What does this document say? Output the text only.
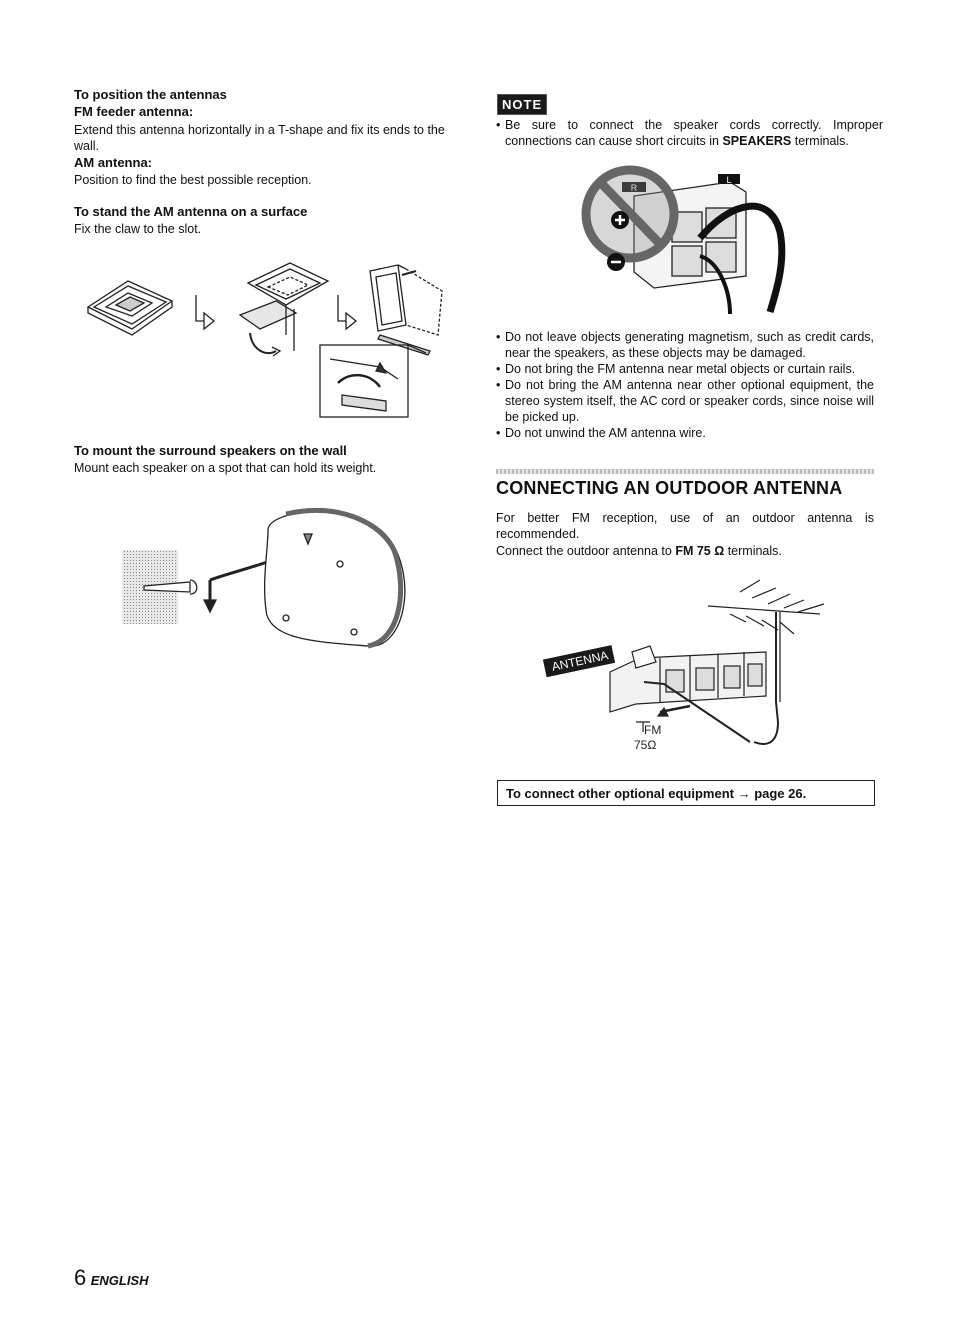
To position the antennas
FM feeder antenna:
Extend this antenna horizontally in a T-shape and fix its ends to the wall.
AM antenna:
Position to find the best possible reception.
To stand the AM antenna on a surface
Fix the claw to the slot.
To mount the surround speakers on the wall
Mount each speaker on a spot that can hold its weight.
NOTE
• Be sure to connect the speaker cords correctly. Improper connections can cause short circuits in SPEAKERS terminals.
L
• Do not leave objects generating magnetism, such as credit cards, near the speakers, as these objects may be damaged.
• Do not bring the FM antenna near metal objects or curtain rails.
• Do not bring the AM antenna near other optional equipment, the stereo system itself, the AC cord or speaker cords, since noise will be picked up.
• Do not unwind the AM antenna wire.
CONNECTING AN OUTDOOR ANTENNA
For better FM reception, use of an outdoor antenna is recommended.
Connect the outdoor antenna to FM 75 Ω terminals.
ANTENNA
FM
75Ω
To connect other optional equipment → page 26.
6 ENGLISH
